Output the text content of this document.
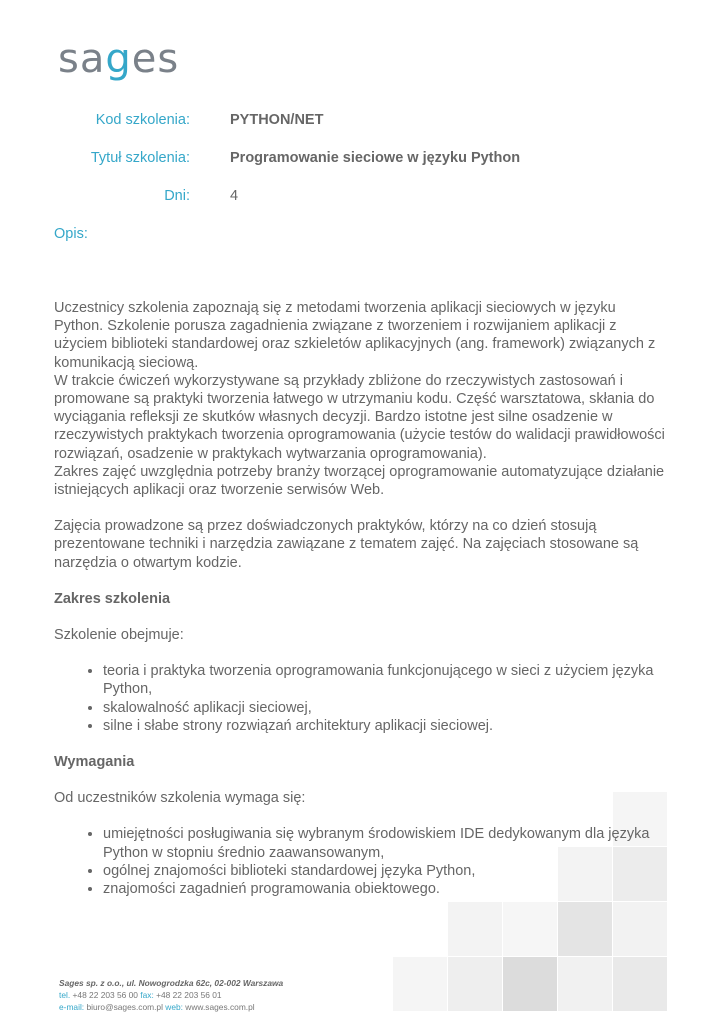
sages
Kod szkolenia:	PYTHON/NET
Tytuł szkolenia:	Programowanie sieciowe w języku Python
Dni:	4
Opis:

Uczestnicy szkolenia zapoznają się z metodami tworzenia aplikacji sieciowych w języku Python. Szkolenie porusza zagadnienia związane z tworzeniem i rozwijaniem aplikacji z użyciem biblioteki standardowej oraz szkieletów aplikacyjnych (ang. framework) związanych z komunikacją sieciową.

W trakcie ćwiczeń wykorzystywane są przykłady zbliżone do rzeczywistych zastosowań i promowane są praktyki tworzenia łatwego w utrzymaniu kodu. Część warsztatowa, skłania do wyciągania refleksji ze skutków własnych decyzji. Bardzo istotne jest silne osadzenie w rzeczywistych praktykach tworzenia oprogramowania (użycie testów do walidacji prawidłowości rozwiązań, osadzenie w praktykach wytwarzania oprogramowania).

Zakres zajęć uwzględnia potrzeby branży tworzącej oprogramowanie automatyzujące działanie istniejących aplikacji oraz tworzenie serwisów Web.

Zajęcia prowadzone są przez doświadczonych praktyków, którzy na co dzień stosują prezentowane techniki i narzędzia zawiązane z tematem zajęć. Na zajęciach stosowane są narzędzia o otwartym kodzie.

Zakres szkolenia

Szkolenie obejmuje:

• teoria i praktyka tworzenia oprogramowania funkcjonującego w sieci z użyciem języka Python,
• skalowalność aplikacji sieciowej,
• silne i słabe strony rozwiązań architektury aplikacji sieciowej.

Wymagania

Od uczestników szkolenia wymaga się:

• umiejętności posługiwania się wybranym środowiskiem IDE dedykowanym dla języka Python w stopniu średnio zaawansowanym,
• ogólnej znajomości biblioteki standardowej języka Python,
• znajomości zagadnień programowania obiektowego.
Sages sp. z o.o., ul. Nowogrodzka 62c, 02-002 Warszawa
tel. +48 22 203 56 00 fax: +48 22 203 56 01
e-mail: biuro@sages.com.pl web: www.sages.com.pl
